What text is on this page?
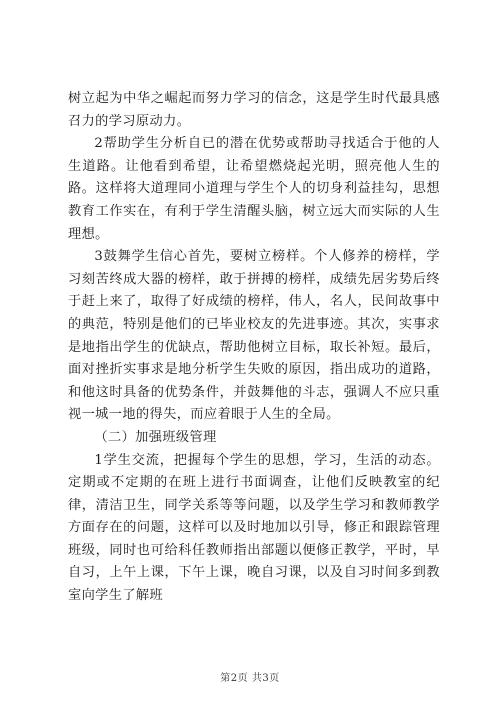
树立起为中华之崛起而努力学习的信念，这是学生时代最具感召力的学习原动力。

2帮助学生分析自已的潜在优势或帮助寻找适合于他的人生道路。让他看到希望，让希望燃烧起光明，照亮他人生的路。这样将大道理同小道理与学生个人的切身利益挂勾，思想教育工作实在，有利于学生清醒头脑，树立远大而实际的人生理想。

3鼓舞学生信心首先，要树立榜样。个人修养的榜样，学习刻苦终成大器的榜样，敢于拼搏的榜样，成绩先居劣势后终于赶上来了，取得了好成绩的榜样，伟人，名人，民间故事中的典范，特别是他们的已毕业校友的先进事迹。其次，实事求是地指出学生的优缺点，帮助他树立目标，取长补短。最后，面对挫折实事求是地分析学生失败的原因，指出成功的道路，和他这时具备的优势条件，并鼓舞他的斗志，强调人不应只重视一城一地的得失，而应着眼于人生的全局。

（二）加强班级管理

1学生交流，把握每个学生的思想，学习，生活的动态。定期或不定期的在班上进行书面调查，让他们反映教室的纪律，清洁卫生，同学关系等等问题，以及学生学习和教师教学方面存在的问题，这样可以及时地加以引导，修正和跟踪管理班级，同时也可给科任教师指出部题以便修正教学，平时，早自习，上午上课，下午上课，晚自习课，以及自习时间多到教室向学生了解班

第2页 共3页
